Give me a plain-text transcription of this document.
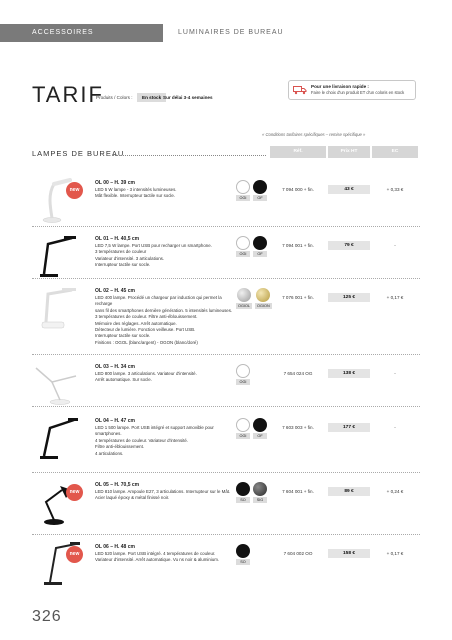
ACCESSOIRES	LUMINAIRES DE BUREAU
TARIF
Produits / Colors :	En stock Sur délai 3-4 semaines
Pour une livraison rapide :
Faire le choix d'un produit ET d'un coloris en stock
« Conditions tarifaires spécifiques – remise spécifique »
LAMPES DE BUREAU	Réf.	Prix HT	EC
new
OL 00 – H. 39 cm
LED 5 W lampe - 3 intensités lumineuses.
Mât flexible. Interrupteur tactile sur socle.	OGI	OF
7 094 000 + fin.	43 €	+ 0,33 €
OL 01 – H. 40,5 cm
LED 7,5 W lampe. Port USB pour recharger un smartphone.
3 températures de couleur
Variateur d'intensité. 3 articulations.
Interrupteur tactile sur socle.
OGI	OF
7 094 001 + fin.	79 €	-
OL 02 – H. 45 cm
LED 400 lampe. Procédé un chargeur par induction qui permet la recharge
sans fil des smartphones dernière génération. 5 intensités lumineuses.
3 températures de couleur. Filtre anti-éblouissement.
Mémoire des réglages. Arrêt automatique.
Détecteur de lumière. Fonction veilleuse. Port USB.
Interrupteur tactile sur socle.
Finitions : OGOL (blanc/argent) - OGON (blanc/doré)
OGIOL	OGION
7 076 001 + fin.	125 €	+ 0,17 €
OL 03 – H. 34 cm
LED 800 lampe. 3 articulations. Variateur d'intensité.
Arrêt automatique. Sur socle.	OGI
7 654 024 OG	138 €	-
OL 04 – H. 47 cm
LED 1 500 lampe. Port USB intégré et support amovible pour smartphones.
4 températures de couleur. Variateur d'intensité.
Filtre anti-éblouissement.
4 articulations.
OGI	OF
7 603 003 + fin.	177 €	-
new
OL 05 – H. 70,5 cm
LED 810 lampe. Ampoule E27, 3 articulations. Interrupteur sur le Mât.
Acier laqué époxy & métal finissé noir.	SO	SIG
7 604 001 + fin.	89 €	+ 0,24 €
new
OL 06 – H. 48 cm
LED 520 lampe. Port USB intégré. 4 températures de couleur.
Variateur d'intensité. Arrêt automatique. Vu ns noir & aluminium.	SO
7 604 002 OO	158 €	+ 0,17 €
326
